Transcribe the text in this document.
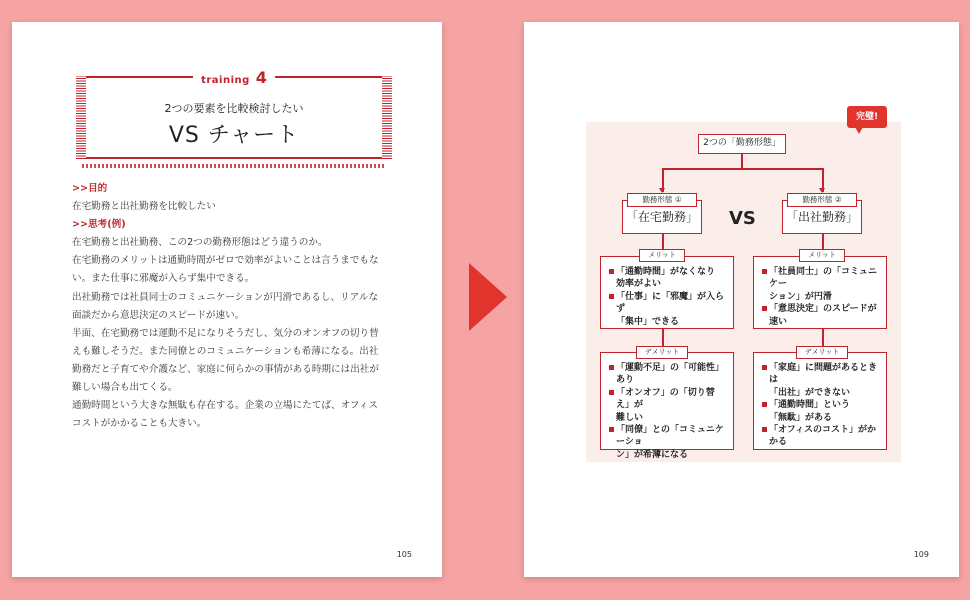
training 4
2つの要素を比較検討したい
VS チャート

>>目的

在宅勤務と出社勤務を比較したい

>>思考(例)

在宅勤務と出社勤務、この2つの勤務形態はどう違うのか。

在宅勤務のメリットは通勤時間がゼロで効率がよいことは言うまでもな

い。また仕事に邪魔が入らず集中できる。

出社勤務では社員同士のコミュニケーションが円滑であるし、リアルな

面談だから意思決定のスピードが速い。

半面、在宅勤務では運動不足になりそうだし、気分のオンオフの切り替

えも難しそうだ。また同僚とのコミュニケーションも希薄になる。出社

勤務だと子育てや介護など、家庭に何らかの事情がある時期には出社が

難しい場合も出てくる。

通勤時間という大きな無駄も存在する。企業の立場にたてば、オフィス

コストがかかることも大きい。

105
2つの「勤務形態」
「在宅勤務」
勤務形態 ①
VS	「出社勤務」
勤務形態 ②
「通勤時間」がなくなり
効率がよい
「仕事」に「邪魔」が入らず
「集中」できる
メリット
「社員同士」の「コミュニケー
ション」が円滑
「意思決定」のスピードが速い
メリット
「運動不足」の「可能性」あり
「オンオフ」の「切り替え」が
難しい
「同僚」との「コミュニケーショ
ン」が希薄になる
デメリット
「家庭」に問題があるときは
「出社」ができない
「通勤時間」という
「無駄」がある
「オフィスのコスト」がかかる
デメリット
完璧!
109
